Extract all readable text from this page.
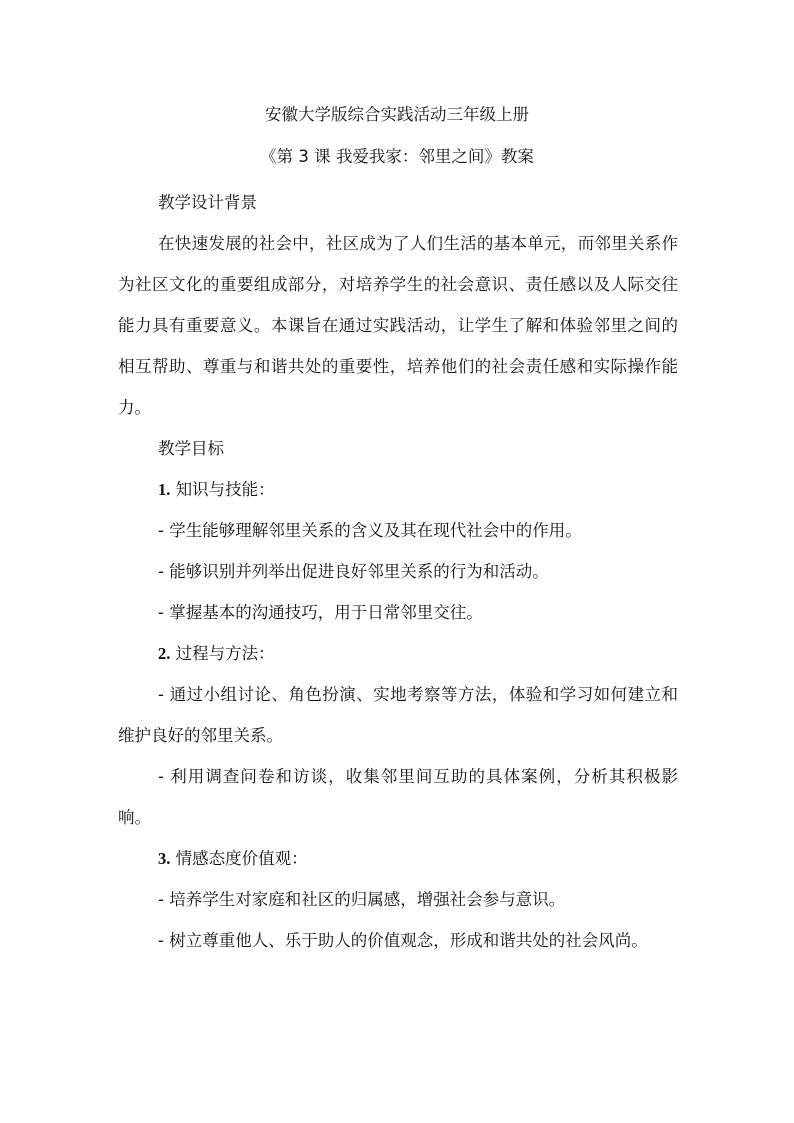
安徽大学版综合实践活动三年级上册
《第 3 课 我爱我家：邻里之间》教案

教学设计背景

在快速发展的社会中，社区成为了人们生活的基本单元，而邻里关系作为社区文化的重要组成部分，对培养学生的社会意识、责任感以及人际交往能力具有重要意义。本课旨在通过实践活动，让学生了解和体验邻里之间的相互帮助、尊重与和谐共处的重要性，培养他们的社会责任感和实际操作能力。

教学目标

1. 知识与技能：

- 学生能够理解邻里关系的含义及其在现代社会中的作用。

- 能够识别并列举出促进良好邻里关系的行为和活动。

- 掌握基本的沟通技巧，用于日常邻里交往。

2. 过程与方法：

- 通过小组讨论、角色扮演、实地考察等方法，体验和学习如何建立和维护良好的邻里关系。

- 利用调查问卷和访谈，收集邻里间互助的具体案例，分析其积极影响。

3. 情感态度价值观：

- 培养学生对家庭和社区的归属感，增强社会参与意识。

- 树立尊重他人、乐于助人的价值观念，形成和谐共处的社会风尚。
